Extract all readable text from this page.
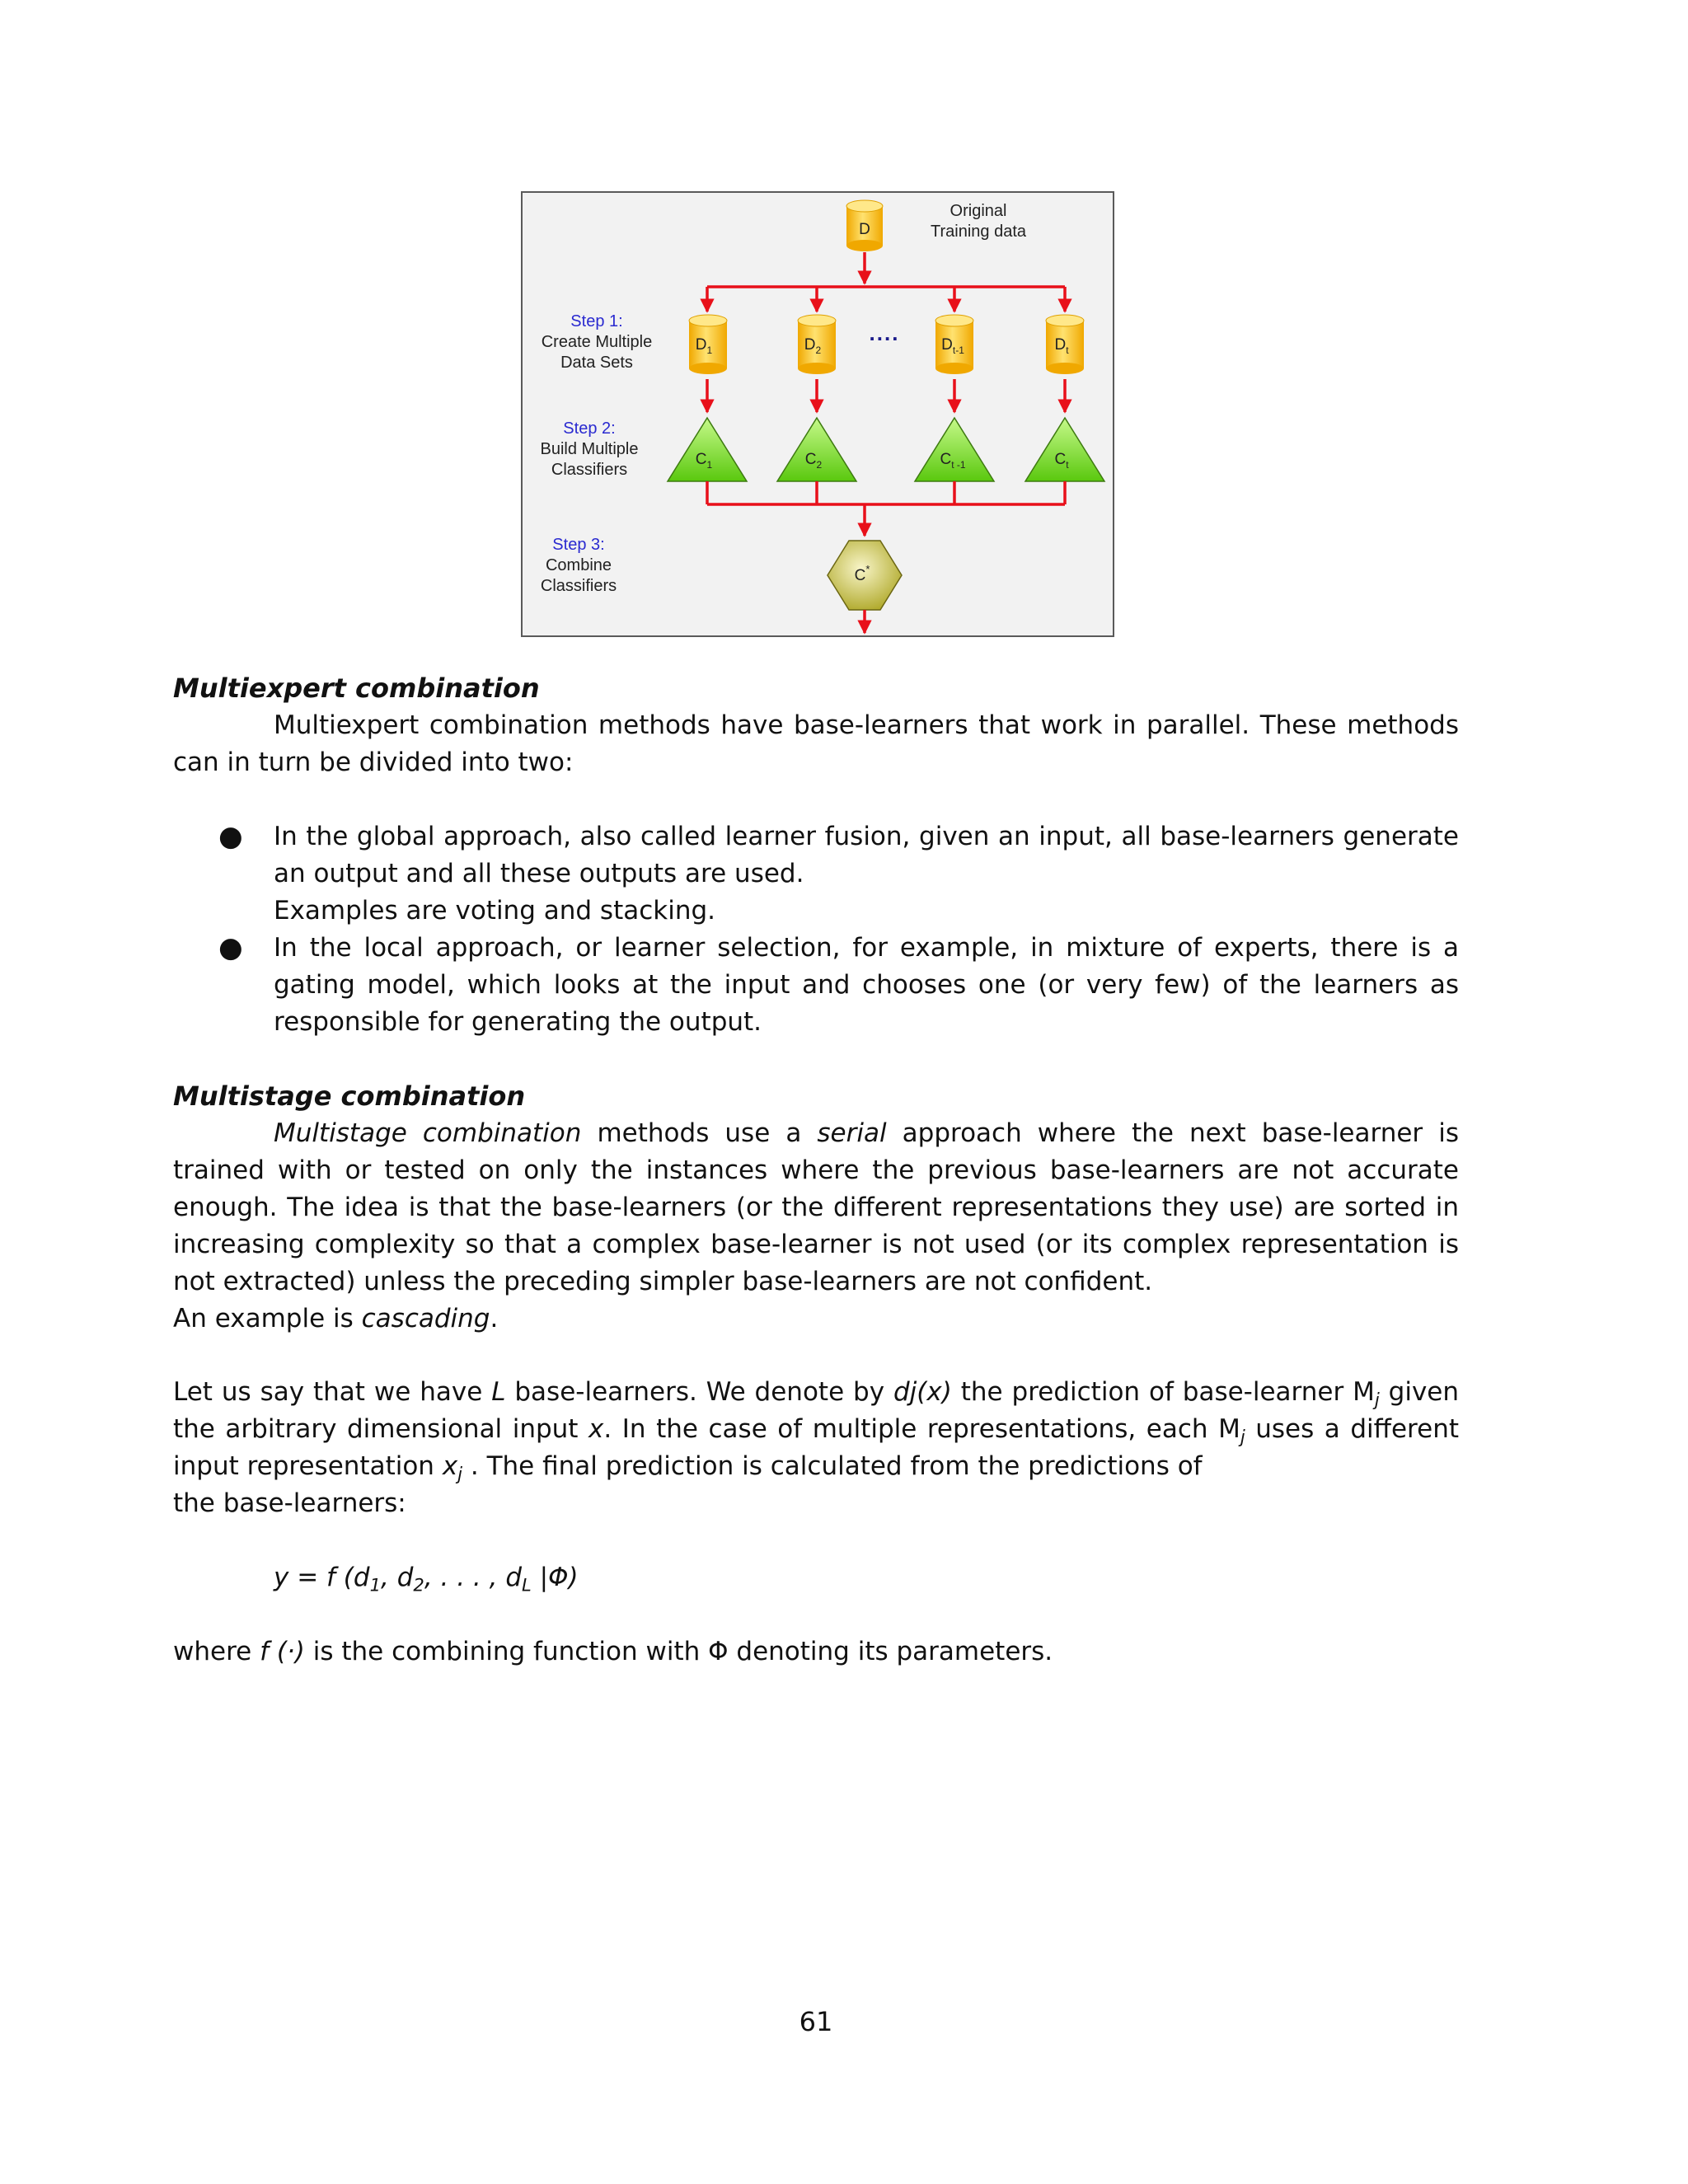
D
Original
Training data
Step 1:
Create Multiple
Data Sets
Step 2:
Build Multiple
Classifiers
Step 3:
Combine
Classifiers
$D_1$	$D_2$
....	$D_{t-1}$	$D_t$
$C_1$	$C_2$	$C_{t -1}$	$C_t$
C*
Multiexpert combination

Multiexpert combination methods have base-learners that work in parallel. These methods can in turn be divided into two:

● In the global approach, also called learner fusion, given an input, all base-learners generate an output and all these outputs are used.
Examples are voting and stacking.
● In the local approach, or learner selection, for example, in mixture of experts, there is a gating model, which looks at the input and chooses one (or very few) of the learners as responsible for generating the output.
Multistage combination

Multistage combination methods use a serial approach where the next base-learner is trained with or tested on only the instances where the previous base-learners are not accurate enough. The idea is that the base-learners (or the different representations they use) are sorted in increasing complexity so that a complex base-learner is not used (or its complex representation is not extracted) unless the preceding simpler base-learners are not confident.

An example is cascading.

Let us say that we have L base-learners. We denote by dj(x) the prediction of base-learner $M_j$ given the arbitrary dimensional input x. In the case of multiple representations, each $M_j$ uses a different input representation $x_j$ . The final prediction is calculated from the predictions of

the base-learners:
y = f ($d_1$, $d_2$, . . . , $d_L$ |Φ)
where f (·) is the combining function with Φ denoting its parameters.
61
